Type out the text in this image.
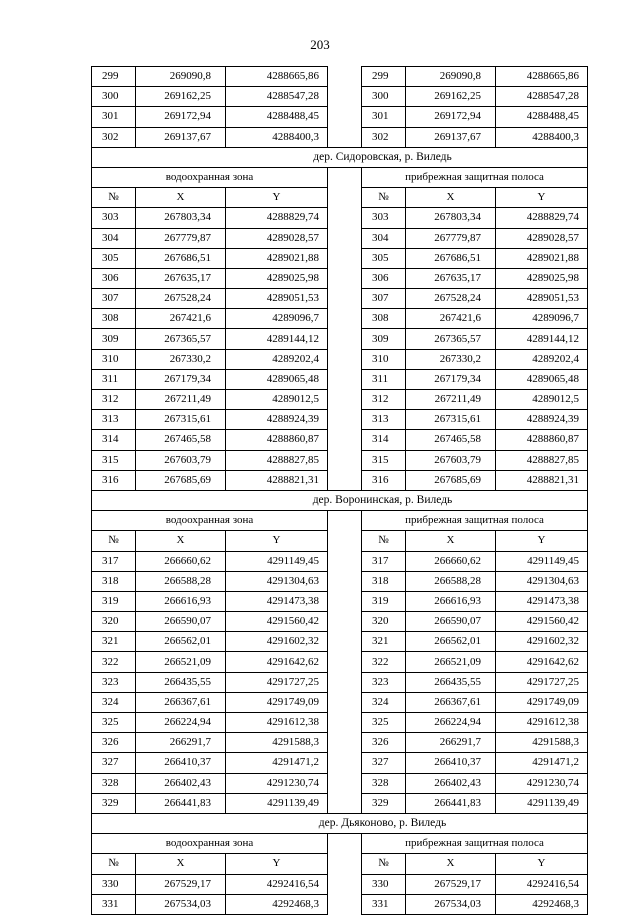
203
299	269090,8	4288665,86		299	269090,8	4288665,86
300	269162,25	4288547,28		300	269162,25	4288547,28
301	269172,94	4288488,45		301	269172,94	4288488,45
302	269137,67	4288400,3		302	269137,67	4288400,3
дер. Сидоровская, р. Виледь						
водоохранная зона				прибрежная защитная полоса		
№	X	Y		№	X	Y
303	267803,34	4288829,74		303	267803,34	4288829,74
304	267779,87	4289028,57		304	267779,87	4289028,57
305	267686,51	4289021,88		305	267686,51	4289021,88
306	267635,17	4289025,98		306	267635,17	4289025,98
307	267528,24	4289051,53		307	267528,24	4289051,53
308	267421,6	4289096,7		308	267421,6	4289096,7
309	267365,57	4289144,12		309	267365,57	4289144,12
310	267330,2	4289202,4		310	267330,2	4289202,4
311	267179,34	4289065,48		311	267179,34	4289065,48
312	267211,49	4289012,5		312	267211,49	4289012,5
313	267315,61	4288924,39		313	267315,61	4288924,39
314	267465,58	4288860,87		314	267465,58	4288860,87
315	267603,79	4288827,85		315	267603,79	4288827,85
316	267685,69	4288821,31		316	267685,69	4288821,31
дер. Воронинская, р. Виледь						
водоохранная зона				прибрежная защитная полоса		
№	X	Y		№	X	Y
317	266660,62	4291149,45		317	266660,62	4291149,45
318	266588,28	4291304,63		318	266588,28	4291304,63
319	266616,93	4291473,38		319	266616,93	4291473,38
320	266590,07	4291560,42		320	266590,07	4291560,42
321	266562,01	4291602,32		321	266562,01	4291602,32
322	266521,09	4291642,62		322	266521,09	4291642,62
323	266435,55	4291727,25		323	266435,55	4291727,25
324	266367,61	4291749,09		324	266367,61	4291749,09
325	266224,94	4291612,38		325	266224,94	4291612,38
326	266291,7	4291588,3		326	266291,7	4291588,3
327	266410,37	4291471,2		327	266410,37	4291471,2
328	266402,43	4291230,74		328	266402,43	4291230,74
329	266441,83	4291139,49		329	266441,83	4291139,49
дер. Дьяконово, р. Виледь						
водоохранная зона				прибрежная защитная полоса		
№	X	Y		№	X	Y
330	267529,17	4292416,54		330	267529,17	4292416,54
331	267534,03	4292468,3		331	267534,03	4292468,3
